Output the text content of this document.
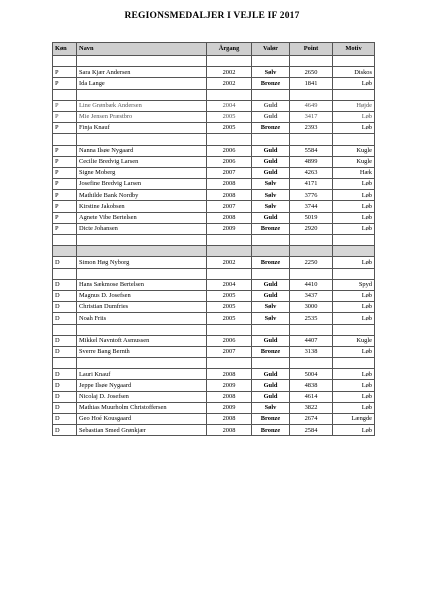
REGIONSMEDALJER I VEJLE IF 2017
Køn	Navn	Årgang	Valør	Point	Motiv

P	Sara Kjær Andersen	2002	Sølv	2650	Diskos
P	Ida Lange	2002	Bronze	1841	Løb

P	Line Grønbæk Andersen	2004	Guld	4649	Højde
P	Mie Jensen Præstbro	2005	Guld	3417	Løb
P	Finja Knauf	2005	Bronze	2393	Løb

P	Nanna Ilsøe Nygaard	2006	Guld	5584	Kugle
P	Cecilie Bredvig Larsen	2006	Guld	4899	Kugle
P	Signe Moberg	2007	Guld	4263	Hæk
P	Josefine Bredvig Larsen	2008	Sølv	4171	Løb
P	Mathilde Bank Nordby	2008	Sølv	3776	Løb
P	Kirstine Jakobsen	2007	Sølv	3744	Løb
P	Agnete Vibe Bertelsen	2008	Guld	5019	Løb
P	Dicte Johansen	2009	Bronze	2920	Løb

D	Simon Høg Nyborg	2002	Bronze	2250	Løb

D	Hans Sækmose Bertelsen	2004	Guld	4410	Spyd
D	Magnus D. Josefsen	2005	Guld	3437	Løb
D	Christian Dumfries	2005	Sølv	3000	Løb
D	Noah Friis	2005	Sølv	2535	Løb

D	Mikkel Navntoft Asmussen	2006	Guld	4407	Kugle
D	Sverre Bang Bernth	2007	Bronze	3138	Løb

D	Lauri Knauf	2008	Guld	5004	Løb
D	Jeppe Ilsøe Nygaard	2009	Guld	4838	Løb
D	Nicolaj D. Josefsen	2008	Guld	4614	Løb
D	Mathias Muurholm Christoffersen	2009	Sølv	3822	Løb
D	Geo Hoé Kousgaard	2008	Bronze	2674	Længde
D	Sebastian Smed Grønkjær	2008	Bronze	2584	Løb
